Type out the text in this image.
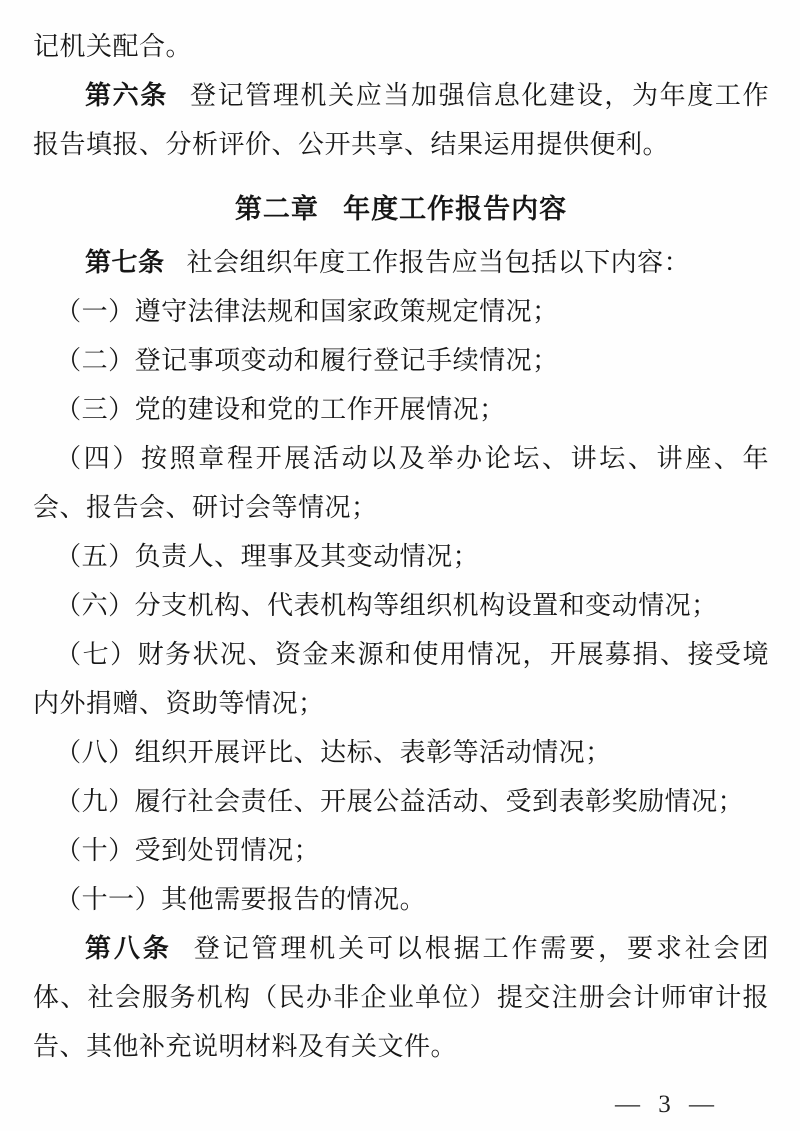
记机关配合。

第六条 登记管理机关应当加强信息化建设，为年度工作报告填报、分析评价、公开共享、结果运用提供便利。

第二章 年度工作报告内容

第七条 社会组织年度工作报告应当包括以下内容：

（一）遵守法律法规和国家政策规定情况；

（二）登记事项变动和履行登记手续情况；

（三）党的建设和党的工作开展情况；

（四）按照章程开展活动以及举办论坛、讲坛、讲座、年会、报告会、研讨会等情况；

（五）负责人、理事及其变动情况；

（六）分支机构、代表机构等组织机构设置和变动情况；

（七）财务状况、资金来源和使用情况，开展募捐、接受境内外捐赠、资助等情况；

（八）组织开展评比、达标、表彰等活动情况；

（九）履行社会责任、开展公益活动、受到表彰奖励情况；

（十）受到处罚情况；

（十一）其他需要报告的情况。

第八条 登记管理机关可以根据工作需要，要求社会团体、社会服务机构（民办非企业单位）提交注册会计师审计报告、其他补充说明材料及有关文件。

— 3 —
